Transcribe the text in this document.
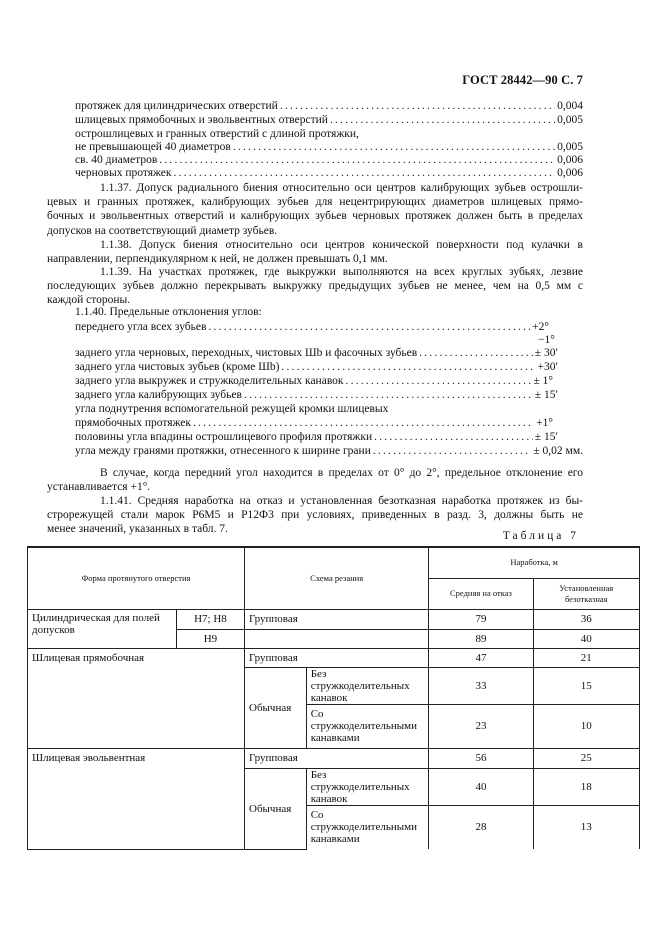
ГОСТ 28442—90 С. 7
протяжек для цилиндрических отверстий .....	0,004
шлицевых прямобочных и эвольвентных отверстий .....	0,005
острошлицевых и гранных отверстий с длиной протяжки,
не превышающей 40 диаметров .....	0,005
св. 40 диаметров .....	0,006
черновых протяжек .....	0,006
1.1.37. Допуск радиального биения относительно оси центров калибрующих зубьев острошли-
цевых и гранных протяжек, калибрующих зубьев для нецентрирующих диаметров шлицевых прямо-
бочных и эвольвентных отверстий и калибрующих зубьев черновых протяжек должен быть в пределах
допусков на соответствующий диаметр зубьев.
1.1.38. Допуск биения относительно оси центров конической поверхности под кулачки в
направлении, перпендикулярном к ней, не должен превышать 0,1 мм.
1.1.39. На участках протяжек, где выкружки выполняются на всех круглых зубьях, лезвие
последующих зубьев должно перекрывать выкружку предыдущих зубьев не менее, чем на 0,5 мм с
каждой стороны.
1.1.40. Предельные отклонения углов:
переднего угла всех зубьев .....	+2°
−1°
заднего угла черновых, переходных, чистовых Шb и фасочных зубьев .....	± 30′
заднего угла чистовых зубьев (кроме Шb) .....	+30′
заднего угла выкружек и стружкоделительных канавок .....	± 1°
заднего угла калибрующих зубьев .....	± 15′
угла поднутрения вспомогательной режущей кромки шлицевых
прямобочных протяжек .....	+1°
половины угла впадины острошлицевого профиля протяжки .....	± 15′
угла между гранями протяжки, отнесенного к ширине грани .....	± 0,02 мм.
В случае, когда передний угол находится в пределах от 0° до 2°, предельное отклонение его
устанавливается +1°.
1.1.41. Средняя наработка на отказ и установленная безотказная наработка протяжек из бы-
строрежущей стали марок Р6М5 и Р12Ф3 при условиях, приведенных в разд. 3, должны быть не
менее значений, указанных в табл. 7.
Таблица 7
Форма протянутого отверстия		Схема резания		Наработка, м	
				Средняя на отказ	Установленная безотказная
Цилиндрическая для полей допусков	H7; H8	Групповая		79	36
	H9			89	40
Шлицевая прямобочная		Групповая		47	21
		Обычная	Без стружкоделительных канавок	33	15
			Со стружкоделительными канавками	23	10
Шлицевая эвольвентная		Групповая		56	25
		Обычная	Без стружкоделительных канавок	40	18
			Со стружкоделительными канавками	28	13
